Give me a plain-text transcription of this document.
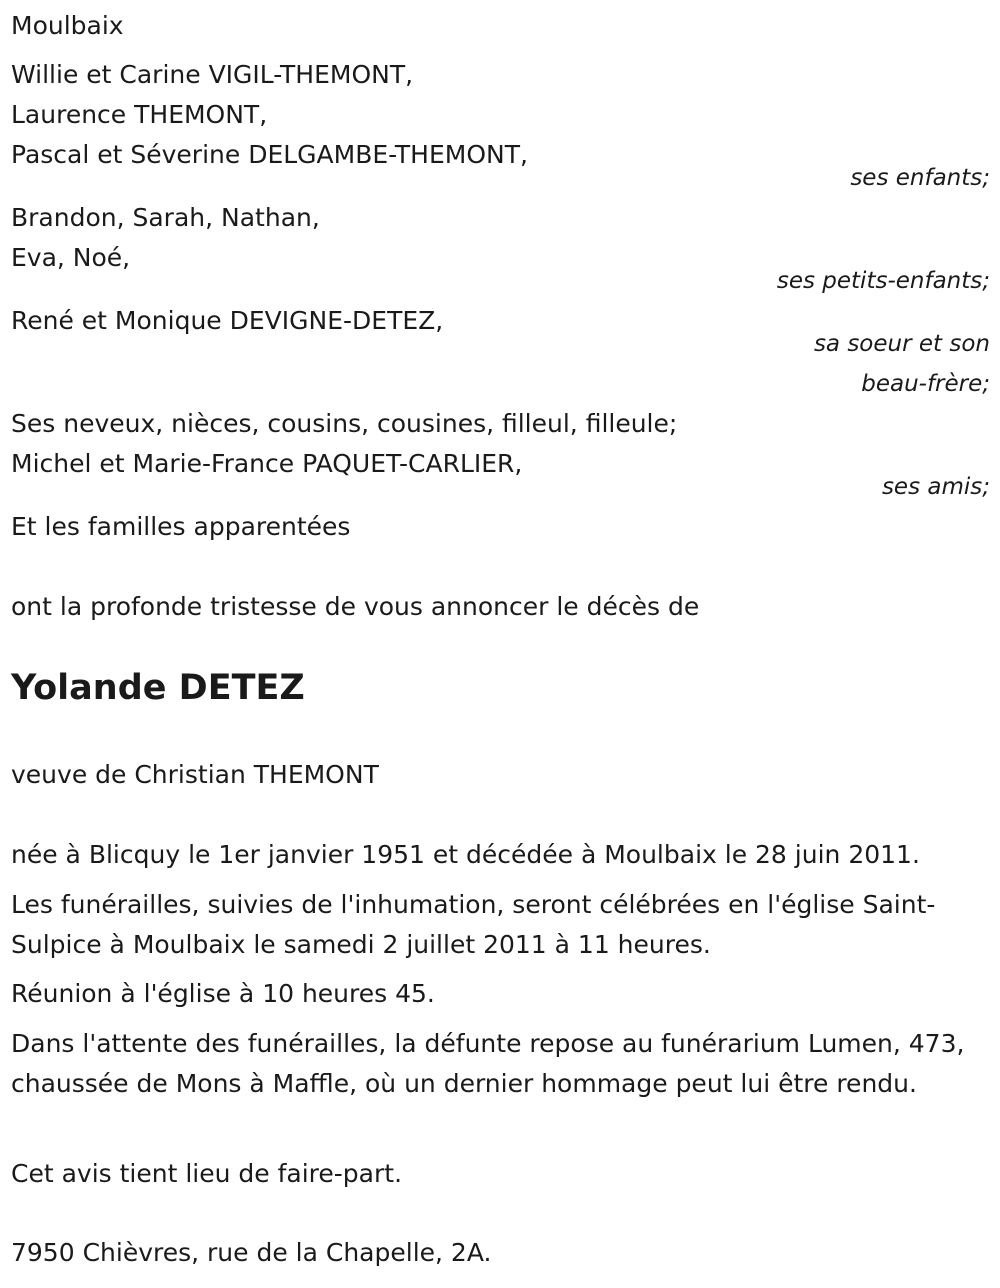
Moulbaix
Willie et Carine VIGIL-THEMONT,
Laurence THEMONT,
Pascal et Séverine DELGAMBE-THEMONT,
ses enfants;
Brandon, Sarah, Nathan,
Eva, Noé,
ses petits-enfants;
René et Monique DEVIGNE-DETEZ,
sa soeur et son
beau-frère;
Ses neveux, nièces, cousins, cousines, filleul, filleule;
Michel et Marie-France PAQUET-CARLIER,
ses amis;
Et les familles apparentées
ont la profonde tristesse de vous annoncer le décès de
Yolande DETEZ
veuve de Christian THEMONT
née à Blicquy le 1er janvier 1951 et décédée à Moulbaix le 28 juin 2011.
Les funérailles, suivies de l'inhumation, seront célébrées en l'église Saint-Sulpice à Moulbaix le samedi 2 juillet 2011 à 11 heures.
Réunion à l'église à 10 heures 45.
Dans l'attente des funérailles, la défunte repose au funérarium Lumen, 473, chaussée de Mons à Maffle, où un dernier hommage peut lui être rendu.
Cet avis tient lieu de faire-part.
7950 Chièvres, rue de la Chapelle, 2A.
